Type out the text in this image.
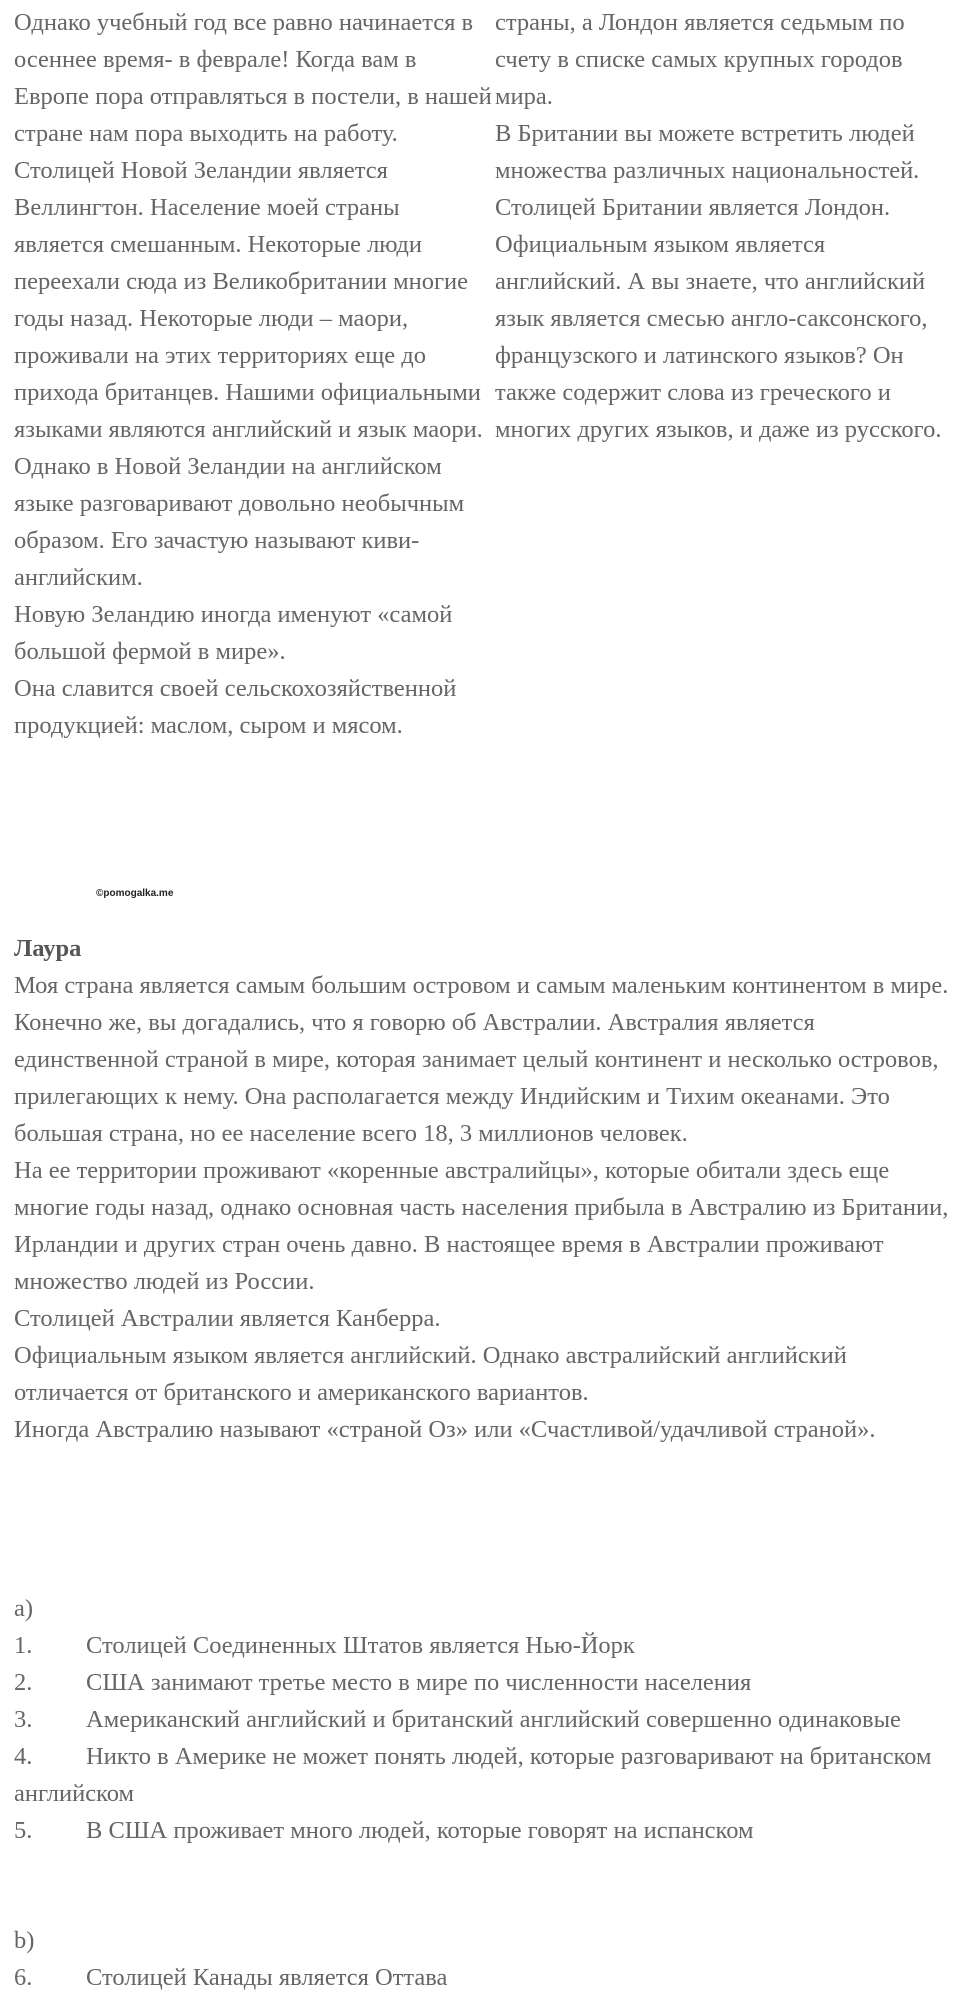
Однако учебный год все равно начинается в осеннее время- в феврале! Когда вам в Европе пора отправляться в постели, в нашей стране нам пора выходить на работу.

Столицей Новой Зеландии является Веллингтон. Население моей страны является смешанным. Некоторые люди переехали сюда из Великобритании многие годы назад. Некоторые люди – маори, проживали на этих территориях еще до прихода британцев. Нашими официальными языками являются английский и язык маори. Однако в Новой Зеландии на английском языке разговаривают довольно необычным образом. Его зачастую называют киви-английским.

Новую Зеландию иногда именуют «самой большой фермой в мире».

Она славится своей сельскохозяйственной продукцией: маслом, сыром и мясом.

страны, а Лондон является седьмым по счету в списке самых крупных городов мира.

В Британии вы можете встретить людей множества различных национальностей.

Столицей Британии является Лондон. Официальным языком является английский. А вы знаете, что английский язык является смесью англо-саксонского, французского и латинского языков? Он также содержит слова из греческого и многих других языков, и даже из русского.

©pomogalka.me

Лаура

Моя страна является самым большим островом и самым маленьким континентом в мире. Конечно же, вы догадались, что я говорю об Австралии. Австралия является единственной страной в мире, которая занимает целый континент и несколько островов, прилегающих к нему. Она располагается между Индийским и Тихим океанами. Это большая страна, но ее население всего 18, 3 миллионов человек.

На ее территории проживают «коренные австралийцы», которые обитали здесь еще многие годы назад, однако основная часть населения прибыла в Австралию из Британии, Ирландии и других стран очень давно. В настоящее время в Австралии проживают множество людей из России.

Столицей Австралии является Канберра.

Официальным языком является английский. Однако австралийский английский отличается от британского и американского вариантов.

Иногда Австралию называют «страной Оз» или «Счастливой/удачливой страной».

a)

1. Столицей Соединенных Штатов является Нью-Йорк

2. США занимают третье место в мире по численности населения

3. Американский английский и британский английский совершенно одинаковые

4. Никто в Америке не может понять людей, которые разговаривают на британском английском

5. В США проживает много людей, которые говорят на испанском

b)

6. Столицей Канады является Оттава
